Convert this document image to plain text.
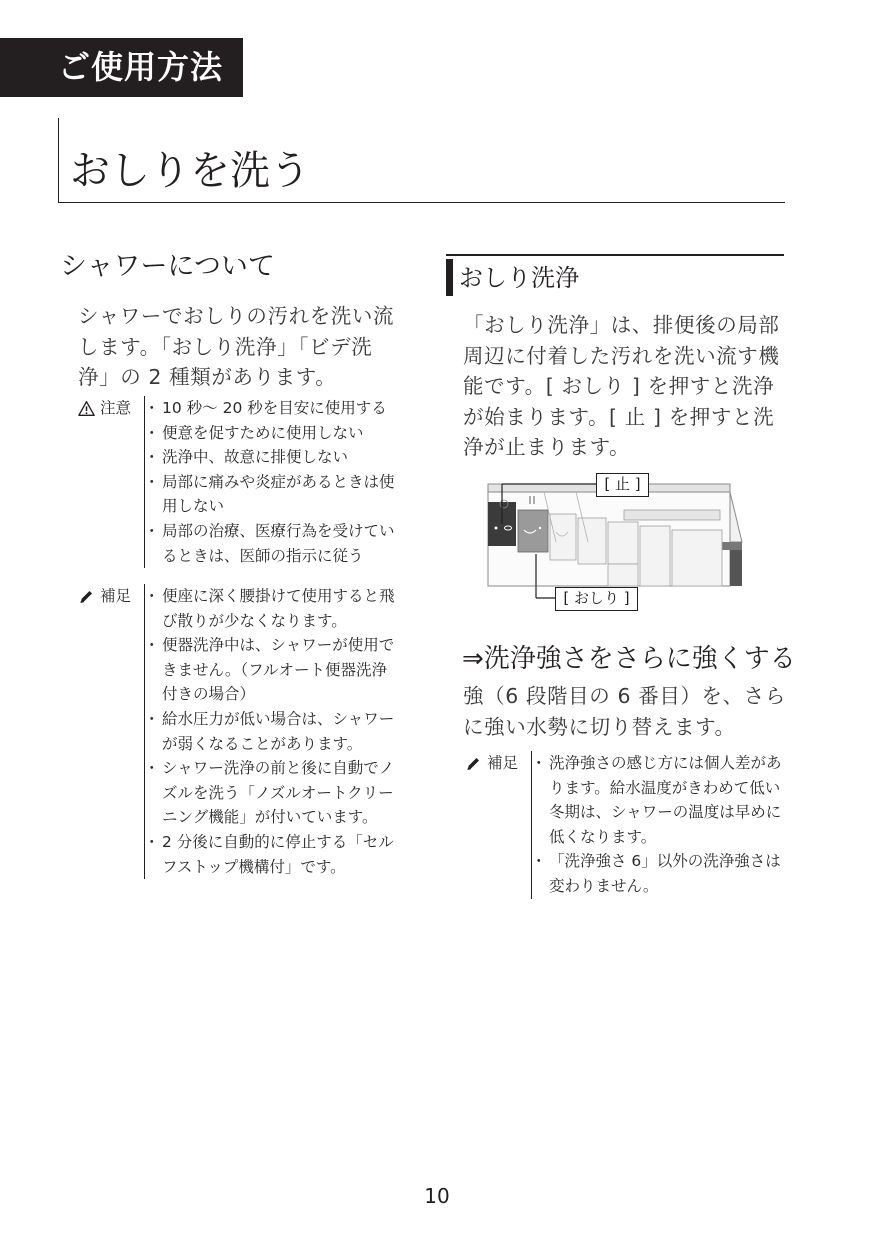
ご使用方法
おしりを洗う
シャワーについて
シャワーでおしりの汚れを洗い流します。「おしり洗浄」「ビデ洗浄」の 2 種類があります。
注意	・ 10 秒～ 20 秒を目安に使用する
・ 便意を促すために使用しない
・ 洗浄中、故意に排便しない
・ 局部に痛みや炎症があるときは使用しない
・ 局部の治療、医療行為を受けているときは、医師の指示に従う
補足	・ 便座に深く腰掛けて使用すると飛び散りが少なくなります。
・ 便器洗浄中は、シャワーが使用できません。（フルオート便器洗浄付きの場合）
・ 給水圧力が低い場合は、シャワーが弱くなることがあります。
・ シャワー洗浄の前と後に自動でノズルを洗う「ノズルオートクリーニング機能」が付いています。
・ 2 分後に自動的に停止する「セルフストップ機構付」です。
おしり洗浄
「おしり洗浄」は、排便後の局部周辺に付着した汚れを洗い流す機能です。[ おしり ] を押すと洗浄が始まります。[ 止 ] を押すと洗浄が止まります。
[ 止 ]
[ おしり ]
⇒洗浄強さをさらに強くする
強（6 段階目の 6 番目）を、さらに強い水勢に切り替えます。
補足	・ 洗浄強さの感じ方には個人差があります。給水温度がきわめて低い冬期は、シャワーの温度は早めに低くなります。
・ 「洗浄強さ 6」以外の洗浄強さは変わりません。
10
